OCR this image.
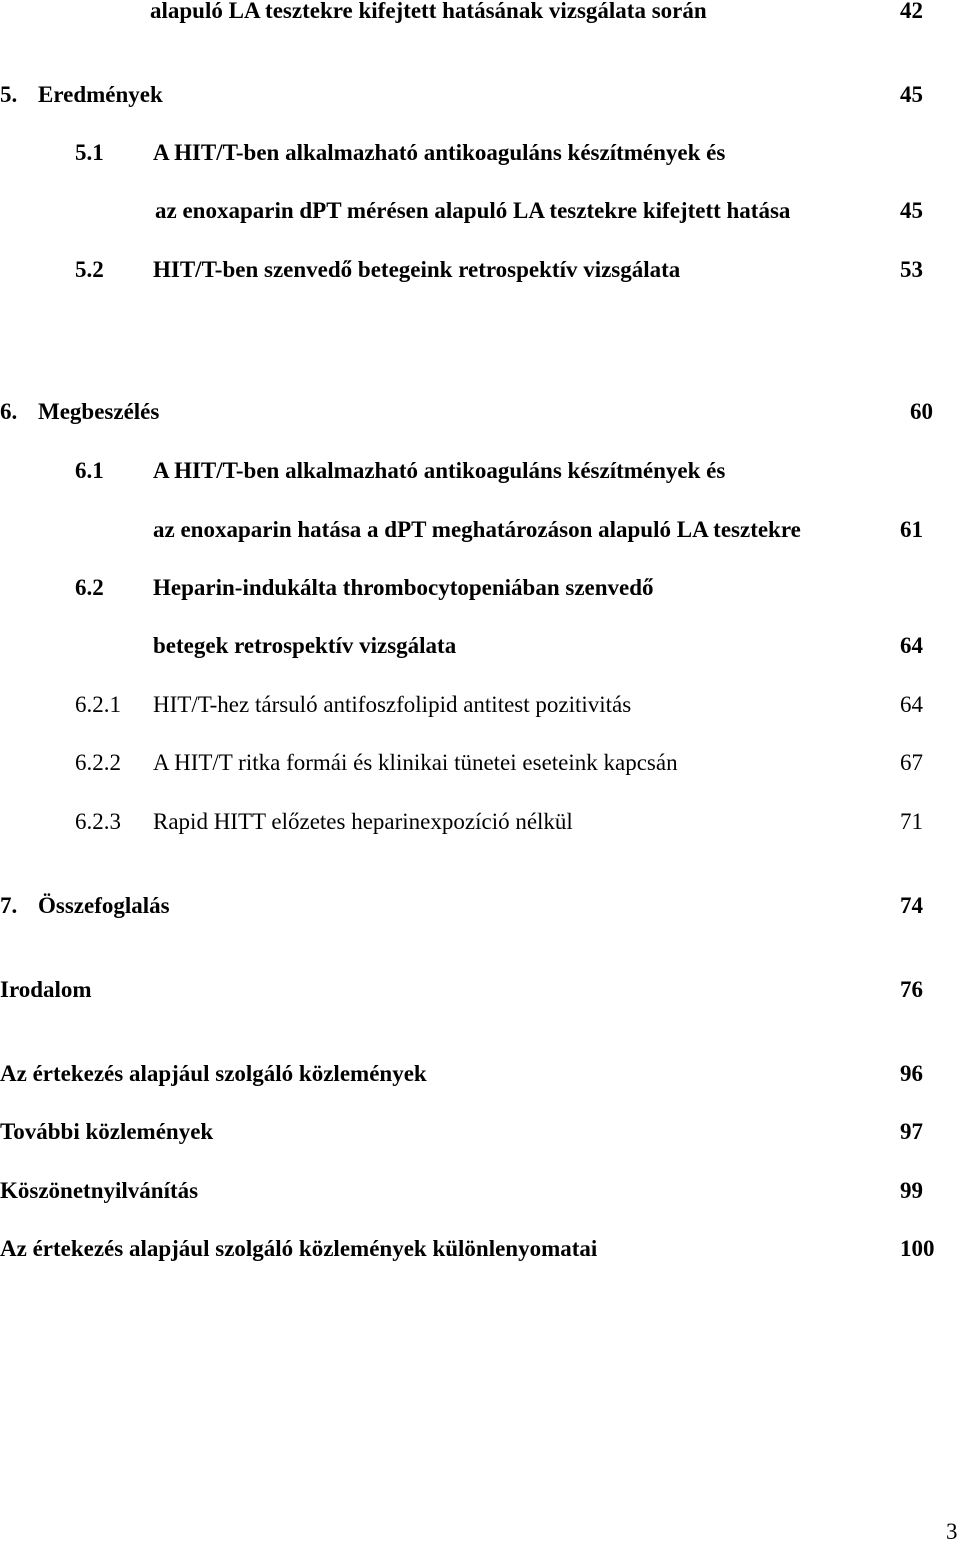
alapuló LA tesztekre kifejtett hatásának vizsgálata során	42
5. Eredmények	45
5.1 A HIT/T-ben alkalmazható antikoaguláns készítmények és
az enoxaparin dPT mérésen alapuló LA tesztekre kifejtett hatása	45
5.2 HIT/T-ben szenvedő betegeink retrospektív vizsgálata	53
6. Megbeszélés	60
6.1 A HIT/T-ben alkalmazható antikoaguláns készítmények és
az enoxaparin hatása a dPT meghatározáson alapuló LA tesztekre	61
6.2 Heparin-indukálta thrombocytopeniában szenvedő
betegek retrospektív vizsgálata	64
6.2.1 HIT/T-hez társuló antifoszfolipid antitest pozitivitás	64
6.2.2 A HIT/T ritka formái és klinikai tünetei eseteink kapcsán	67
6.2.3 Rapid HITT előzetes heparinexpozíció nélkül	71
7. Összefoglalás	74
Irodalom	76
Az értekezés alapjául szolgáló közlemények	96
További közlemények	97
Köszönetnyilvánítás	99
Az értekezés alapjául szolgáló közlemények különlenyomatai	100
3
